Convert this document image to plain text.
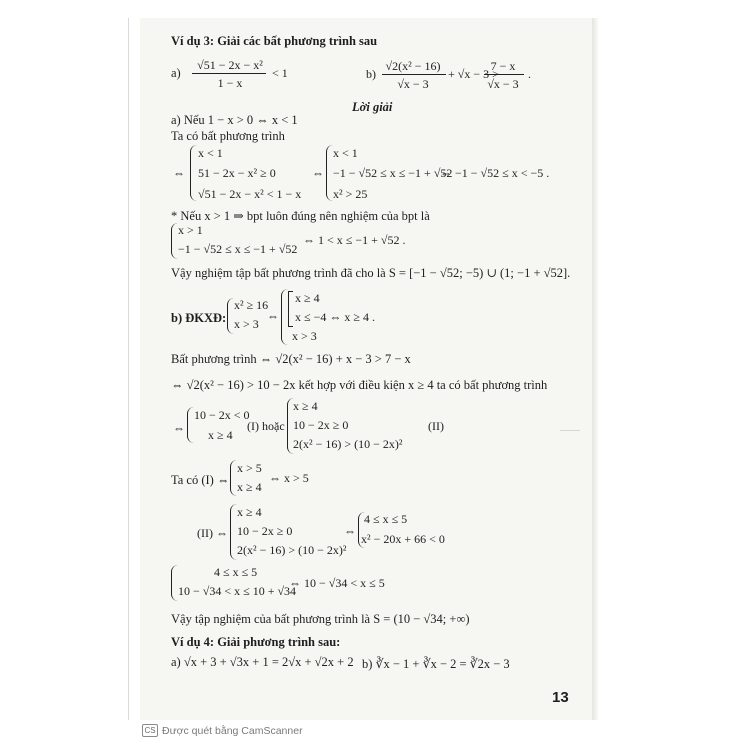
Ví dụ 3: Giải các bất phương trình sau
a)
√51 − 2x − x²
1 − x
< 1	b)
√2(x² − 16)
√x − 3
+ √x − 3 >
7 − x
√x − 3
.
Lời giải
a) Nếu 1 − x > 0 ⇔ x < 1
Ta có bất phương trình
⇔
x < 1
51 − 2x − x² ≥ 0
√51 − 2x − x² < 1 − x
⇔
x < 1
−1 − √52 ≤ x ≤ −1 + √52
x² > 25
⇔ −1 − √52 ≤ x < −5 .
* Nếu x > 1 ⇒ bpt luôn đúng nên nghiệm của bpt là
x > 1
−1 − √52 ≤ x ≤ −1 + √52
⇔ 1 < x ≤ −1 + √52 .
Vậy nghiệm tập bất phương trình đã cho là S = [−1 − √52; −5) ∪ (1; −1 + √52].
b) ĐKXĐ:
x² ≥ 16
x > 3
⇔
x ≥ 4
x ≤ −4 ⇔ x ≥ 4 .
x > 3
Bất phương trình ⇔ √2(x² − 16) + x − 3 > 7 − x
⇔ √2(x² − 16) > 10 − 2x kết hợp với điều kiện x ≥ 4 ta có bất phương trình
⇔
10 − 2x < 0
x ≥ 4
(I) hoặc
x ≥ 4
10 − 2x ≥ 0
2(x² − 16) > (10 − 2x)²
(II)
Ta có (I) ⇔
x > 5
x ≥ 4
⇔ x > 5
(II) ⇔
x ≥ 4
10 − 2x ≥ 0
2(x² − 16) > (10 − 2x)²
⇔
4 ≤ x ≤ 5
x² − 20x + 66 < 0
4 ≤ x ≤ 5
10 − √34 < x ≤ 10 + √34
⇔ 10 − √34 < x ≤ 5
Vậy tập nghiệm của bất phương trình là S = (10 − √34; +∞)
Ví dụ 4: Giải phương trình sau:
a) √x + 3 + √3x + 1 = 2√x + √2x + 2 b) ∛x − 1 + ∛x − 2 = ∛2x − 3
13
CS Được quét bằng CamScanner
